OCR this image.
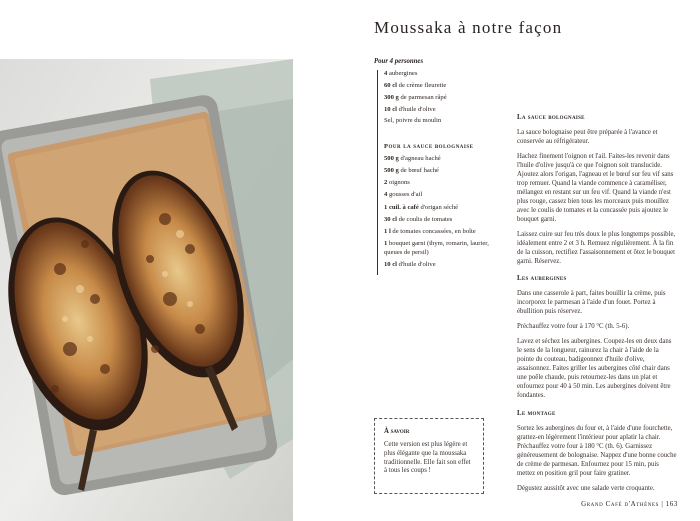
Moussaka à notre façon
Pour 4 personnes
4 aubergines
60 cl de crème fleurette
300 g de parmesan râpé
10 cl d'huile d'olive
Sel, poivre du moulin
Pour la sauce bolognaise
500 g d'agneau haché
500 g de bœuf haché
2 oignons
4 gousses d'ail
1 cuil. à café d'origan séché
30 cl de coulis de tomates
1 l de tomates concassées, en boîte
1 bouquet garni (thym, romarin, laurier, queues de persil)
10 cl d'huile d'olive

La sauce bolognaise

La sauce bolognaise peut être préparée à l'avance et conservée au réfrigérateur.

Hachez finement l'oignon et l'ail. Faites-les revenir dans l'huile d'olive jusqu'à ce que l'oignon soit translucide. Ajoutez alors l'origan, l'agneau et le bœuf sur feu vif sans trop remuer. Quand la viande commence à caraméliser, mélangez en restant sur un feu vif. Quand la viande n'est plus rouge, cassez bien tous les morceaux puis mouillez avec le coulis de tomates et la concassée puis ajoutez le bouquet garni.

Laissez cuire sur feu très doux le plus longtemps possible, idéalement entre 2 et 3 h. Remuez régulièrement. À la fin de la cuisson, rectifiez l'assaisonnement et ôtez le bouquet garni. Réservez.

Les aubergines

Dans une casserole à part, faites bouillir la crème, puis incorporez le parmesan à l'aide d'un fouet. Portez à ébullition puis réservez.

Préchauffez votre four à 170 °C (th. 5-6).

Lavez et séchez les aubergines. Coupez-les en deux dans le sens de la longueur, rainurez la chair à l'aide de la pointe du couteau, badigeonnez d'huile d'olive, assaisonnez. Faites griller les aubergines côté chair dans une poêle chaude, puis retournez-les dans un plat et enfournez pour 40 à 50 min. Les aubergines doivent être fondantes.

Le montage

Sortez les aubergines du four et, à l'aide d'une fourchette, grattez-en légèrement l'intérieur pour aplatir la chair. Préchauffez votre four à 180 °C (th. 6). Garnissez généreusement de bolognaise. Nappez d'une bonne couche de crème de parmesan. Enfournez pour 15 min, puis mettez en position gril pour faire gratiner.

Dégustez aussitôt avec une salade verte croquante.

À savoir
Cette version est plus légère et plus élégante que la moussaka traditionnelle. Elle fait son effet à tous les coups !
Grand Café d'Athènes | 163
